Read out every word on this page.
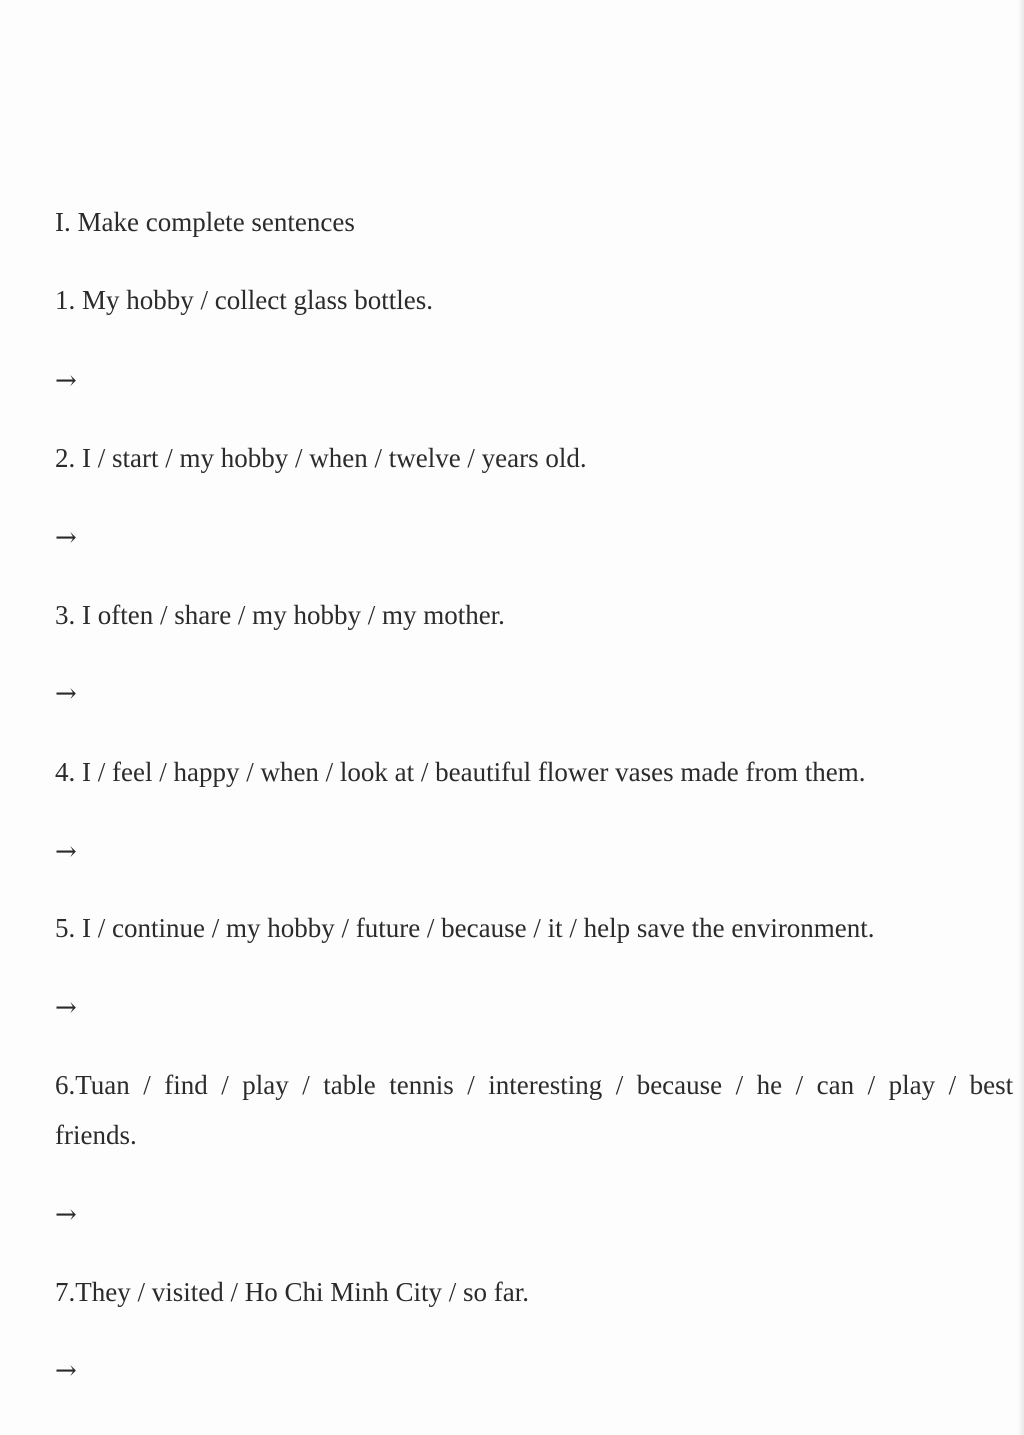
I. Make complete sentences
1. My hobby / collect glass bottles.
→
2. I / start / my hobby / when / twelve / years old.
→
3. I often / share / my hobby / my mother.
→
4. I / feel / happy / when / look at / beautiful flower vases made from them.
→
5. I / continue / my hobby / future / because / it / help save the environment.
→
6.Tuan  /  find  /  play  /  table  tennis  /  interesting  /  because  /  he  /  can  /  play  /  best
friends.
→
7.They / visited / Ho Chi Minh City / so far.
→
